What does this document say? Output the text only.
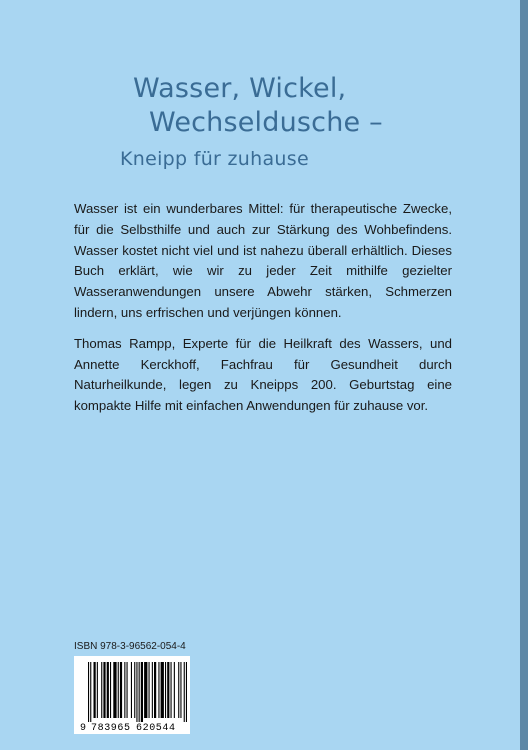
Wasser, Wickel,
Wechseldusche –
Kneipp für zuhause

Wasser ist ein wunderbares Mittel: für therapeutische Zwecke, für die Selbsthilfe und auch zur Stärkung des Wohbefindens. Wasser kostet nicht viel und ist nahezu überall erhältlich. Dieses Buch erklärt, wie wir zu jeder Zeit mithilfe gezielter Wasseranwendungen unsere Abwehr stärken, Schmerzen lindern, uns erfrischen und verjüngen können.

Thomas Rampp, Experte für die Heilkraft des Wassers, und Annette Kerckhoff, Fachfrau für Gesundheit durch Naturheilkunde, legen zu Kneipps 200. Geburtstag eine kompakte Hilfe mit einfachen Anwendungen für zuhause vor.

ISBN 978-3-96562-054-4
9 783965 620544
